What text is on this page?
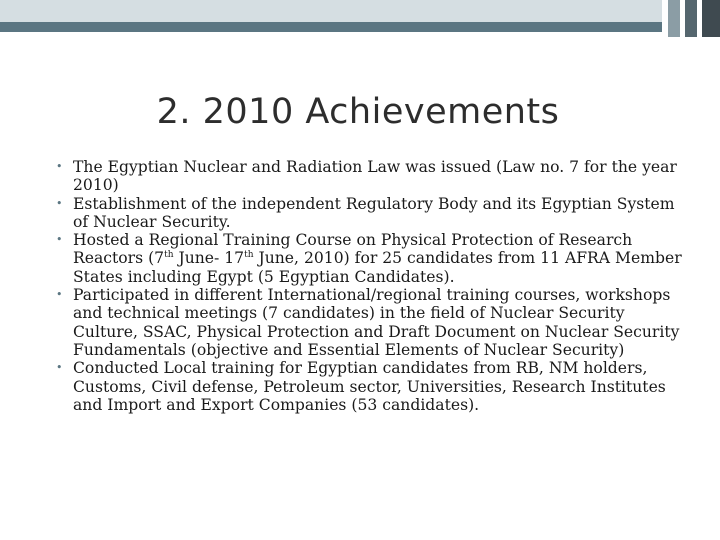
2. 2010 Achievements
• The Egyptian Nuclear and Radiation Law was issued (Law no. 7 for the year 2010)
• Establishment of the independent Regulatory Body and its Egyptian System of Nuclear Security.
• Hosted a Regional Training Course on Physical Protection of Research Reactors (7th June- 17th June, 2010) for 25 candidates from 11 AFRA Member States including Egypt (5 Egyptian Candidates).
• Participated in different International/regional training courses, workshops and technical meetings (7 candidates) in the field of Nuclear Security Culture, SSAC, Physical Protection and Draft Document on Nuclear Security Fundamentals (objective and Essential Elements of Nuclear Security)
• Conducted Local training for Egyptian candidates from RB, NM holders, Customs, Civil defense, Petroleum sector, Universities, Research Institutes and Import and Export Companies (53 candidates).
